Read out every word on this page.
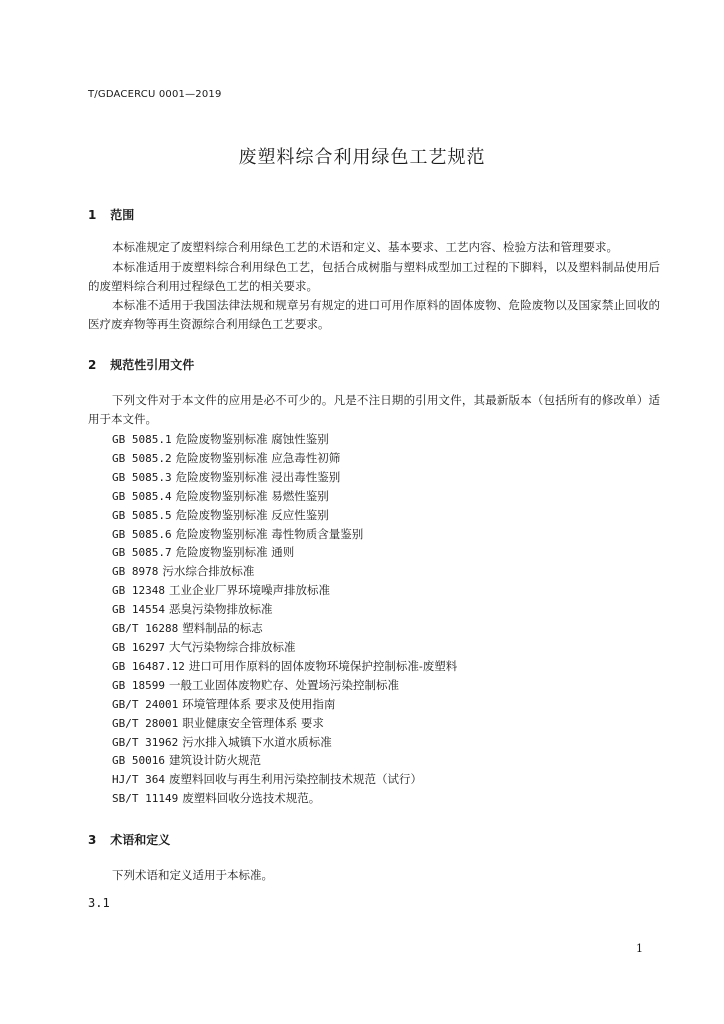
T/GDACERCU 0001—2019
废塑料综合利用绿色工艺规范
1 范围

本标准规定了废塑料综合利用绿色工艺的术语和定义、基本要求、工艺内容、检验方法和管理要求。

本标准适用于废塑料综合利用绿色工艺，包括合成树脂与塑料成型加工过程的下脚料，以及塑料制品使用后的废塑料综合利用过程绿色工艺的相关要求。

本标准不适用于我国法律法规和规章另有规定的进口可用作原料的固体废物、危险废物以及国家禁止回收的医疗废弃物等再生资源综合利用绿色工艺要求。

2 规范性引用文件

下列文件对于本文件的应用是必不可少的。凡是不注日期的引用文件，其最新版本（包括所有的修改单）适用于本文件。

GB 5085.1 危险废物鉴别标准 腐蚀性鉴别
GB 5085.2 危险废物鉴别标准 应急毒性初筛
GB 5085.3 危险废物鉴别标准 浸出毒性鉴别
GB 5085.4 危险废物鉴别标准 易燃性鉴别
GB 5085.5 危险废物鉴别标准 反应性鉴别
GB 5085.6 危险废物鉴别标准 毒性物质含量鉴别
GB 5085.7 危险废物鉴别标准 通则
GB 8978 污水综合排放标准
GB 12348 工业企业厂界环境噪声排放标准
GB 14554 恶臭污染物排放标准
GB/T 16288 塑料制品的标志
GB 16297 大气污染物综合排放标准
GB 16487.12 进口可用作原料的固体废物环境保护控制标准-废塑料
GB 18599 一般工业固体废物贮存、处置场污染控制标准
GB/T 24001 环境管理体系 要求及使用指南
GB/T 28001 职业健康安全管理体系 要求
GB/T 31962 污水排入城镇下水道水质标准
GB 50016 建筑设计防火规范
HJ/T 364 废塑料回收与再生利用污染控制技术规范（试行）
SB/T 11149 废塑料回收分选技术规范。
3 术语和定义

下列术语和定义适用于本标准。

3.1
1
